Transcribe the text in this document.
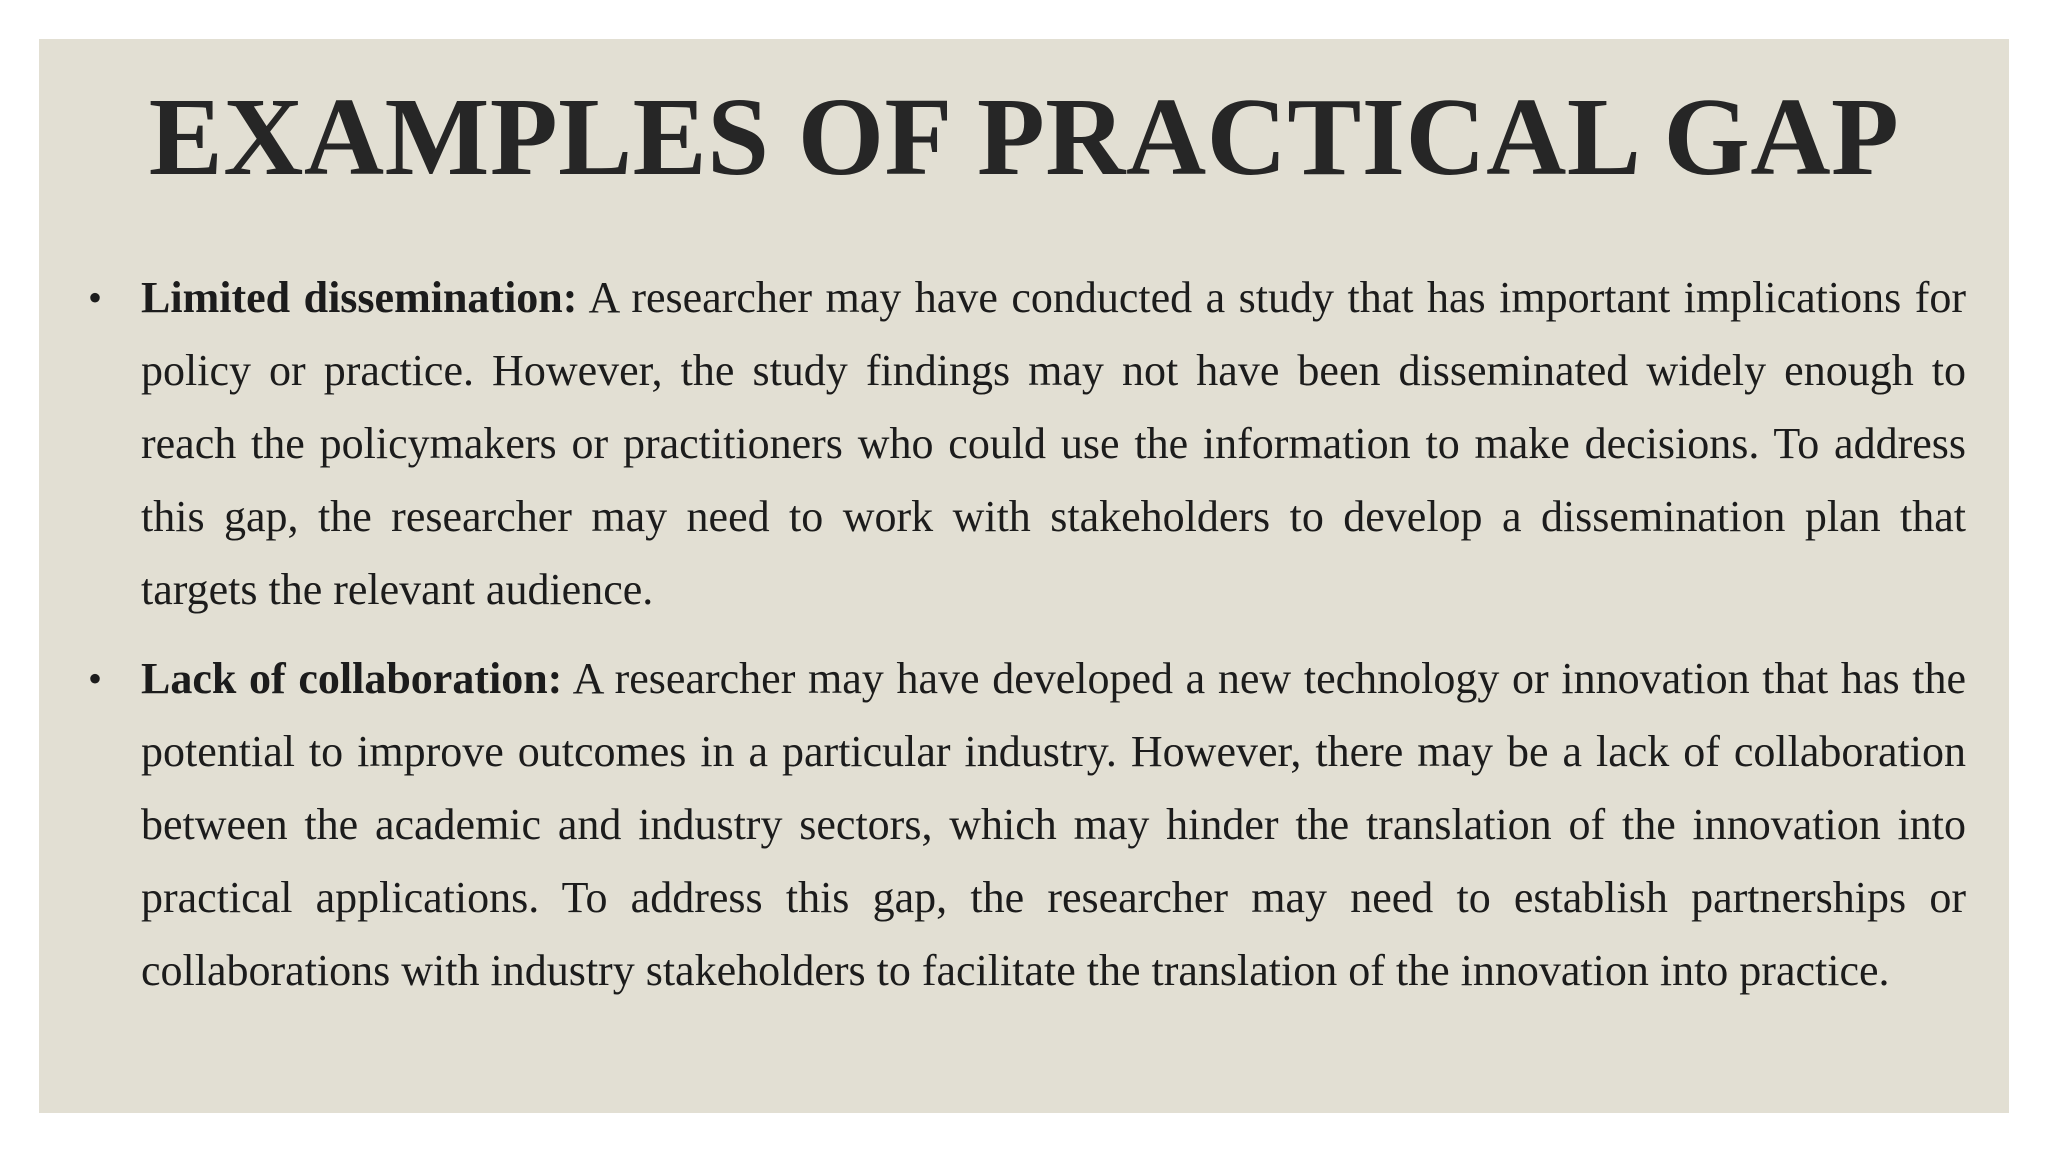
EXAMPLES OF PRACTICAL GAP
• Limited dissemination: A researcher may have conducted a study that has important implications for policy or practice. However, the study findings may not have been disseminated widely enough to reach the policymakers or practitioners who could use the information to make decisions. To address this gap, the researcher may need to work with stakeholders to develop a dissemination plan that targets the relevant audience.
• Lack of collaboration: A researcher may have developed a new technology or innovation that has the potential to improve outcomes in a particular industry. However, there may be a lack of collaboration between the academic and industry sectors, which may hinder the translation of the innovation into practical applications. To address this gap, the researcher may need to establish partnerships or collaborations with industry stakeholders to facilitate the translation of the innovation into practice.
